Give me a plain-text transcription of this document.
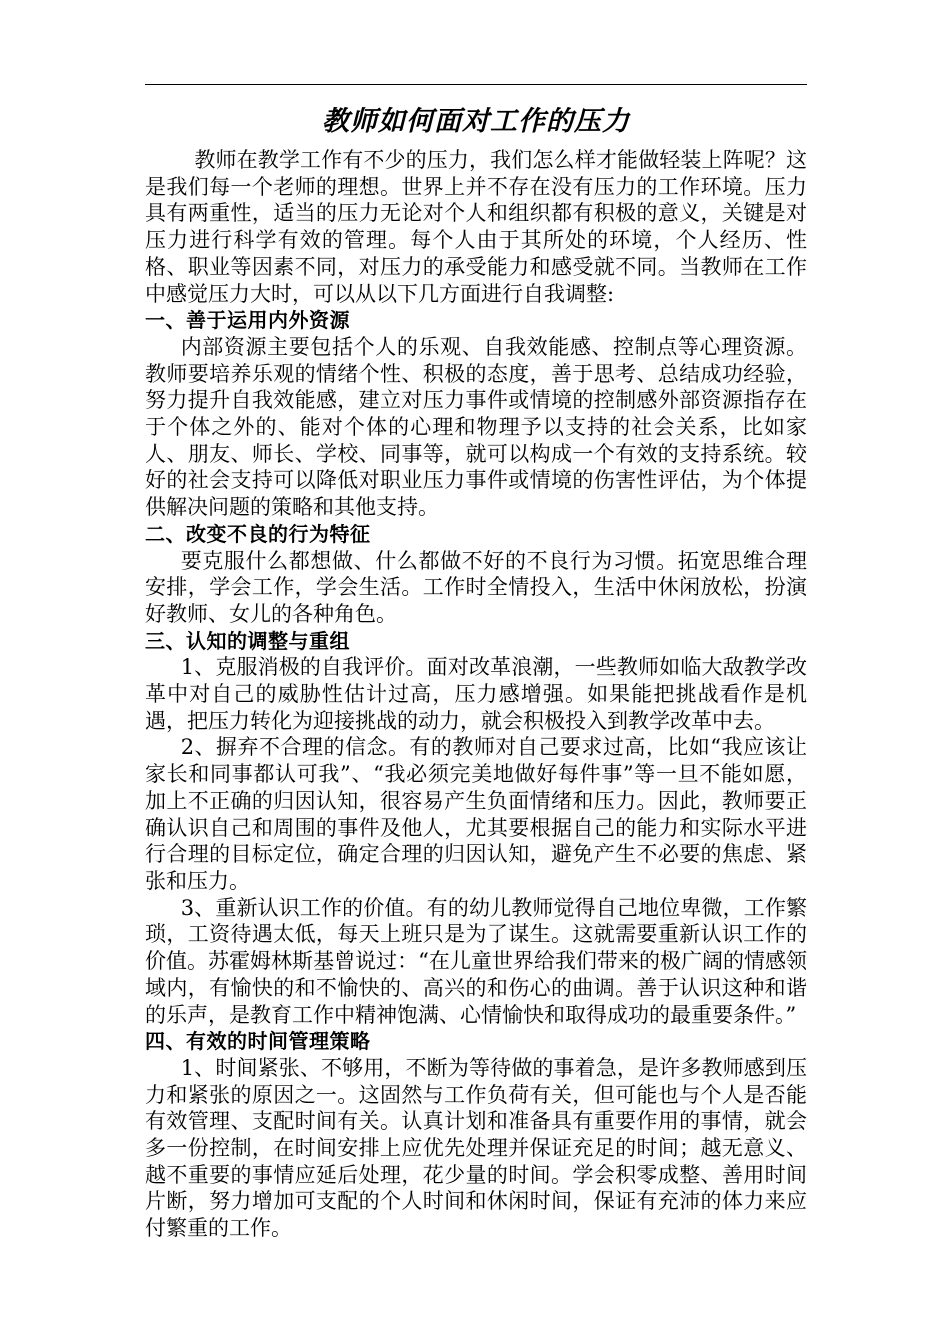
教师如何面对工作的压力

教师在教学工作有不少的压力，我们怎么样才能做轻装上阵呢？这是我们每一个老师的理想。世界上并不存在没有压力的工作环境。压力具有两重性，适当的压力无论对个人和组织都有积极的意义，关键是对压力进行科学有效的管理。每个人由于其所处的环境，个人经历、性格、职业等因素不同，对压力的承受能力和感受就不同。当教师在工作中感觉压力大时，可以从以下几方面进行自我调整:

一、善于运用内外资源

内部资源主要包括个人的乐观、自我效能感、控制点等心理资源。教师要培养乐观的情绪个性、积极的态度，善于思考、总结成功经验，努力提升自我效能感，建立对压力事件或情境的控制感外部资源指存在于个体之外的、能对个体的心理和物理予以支持的社会关系，比如家人、朋友、师长、学校、同事等，就可以构成一个有效的支持系统。较好的社会支持可以降低对职业压力事件或情境的伤害性评估，为个体提供解决问题的策略和其他支持。

二、改变不良的行为特征

要克服什么都想做、什么都做不好的不良行为习惯。拓宽思维合理安排，学会工作，学会生活。工作时全情投入，生活中休闲放松，扮演好教师、女儿的各种角色。

三、认知的调整与重组

1、克服消极的自我评价。面对改革浪潮，一些教师如临大敌教学改革中对自己的威胁性估计过高，压力感增强。如果能把挑战看作是机遇，把压力转化为迎接挑战的动力，就会积极投入到教学改革中去。

2、摒弃不合理的信念。有的教师对自己要求过高，比如“我应该让家长和同事都认可我”、“我必须完美地做好每件事”等一旦不能如愿，加上不正确的归因认知，很容易产生负面情绪和压力。因此，教师要正确认识自己和周围的事件及他人，尤其要根据自己的能力和实际水平进行合理的目标定位，确定合理的归因认知，避免产生不必要的焦虑、紧张和压力。

3、重新认识工作的价值。有的幼儿教师觉得自己地位卑微，工作繁琐，工资待遇太低，每天上班只是为了谋生。这就需要重新认识工作的价值。苏霍姆林斯基曾说过：“在儿童世界给我们带来的极广阔的情感领域内，有愉快的和不愉快的、高兴的和伤心的曲调。善于认识这种和谐的乐声，是教育工作中精神饱满、心情愉快和取得成功的最重要条件。”

四、有效的时间管理策略

1、时间紧张、不够用，不断为等待做的事着急，是许多教师感到压力和紧张的原因之一。这固然与工作负荷有关，但可能也与个人是否能有效管理、支配时间有关。认真计划和准备具有重要作用的事情，就会多一份控制，在时间安排上应优先处理并保证充足的时间；越无意义、越不重要的事情应延后处理，花少量的时间。学会积零成整、善用时间片断，努力增加可支配的个人时间和休闲时间，保证有充沛的体力来应付繁重的工作。
